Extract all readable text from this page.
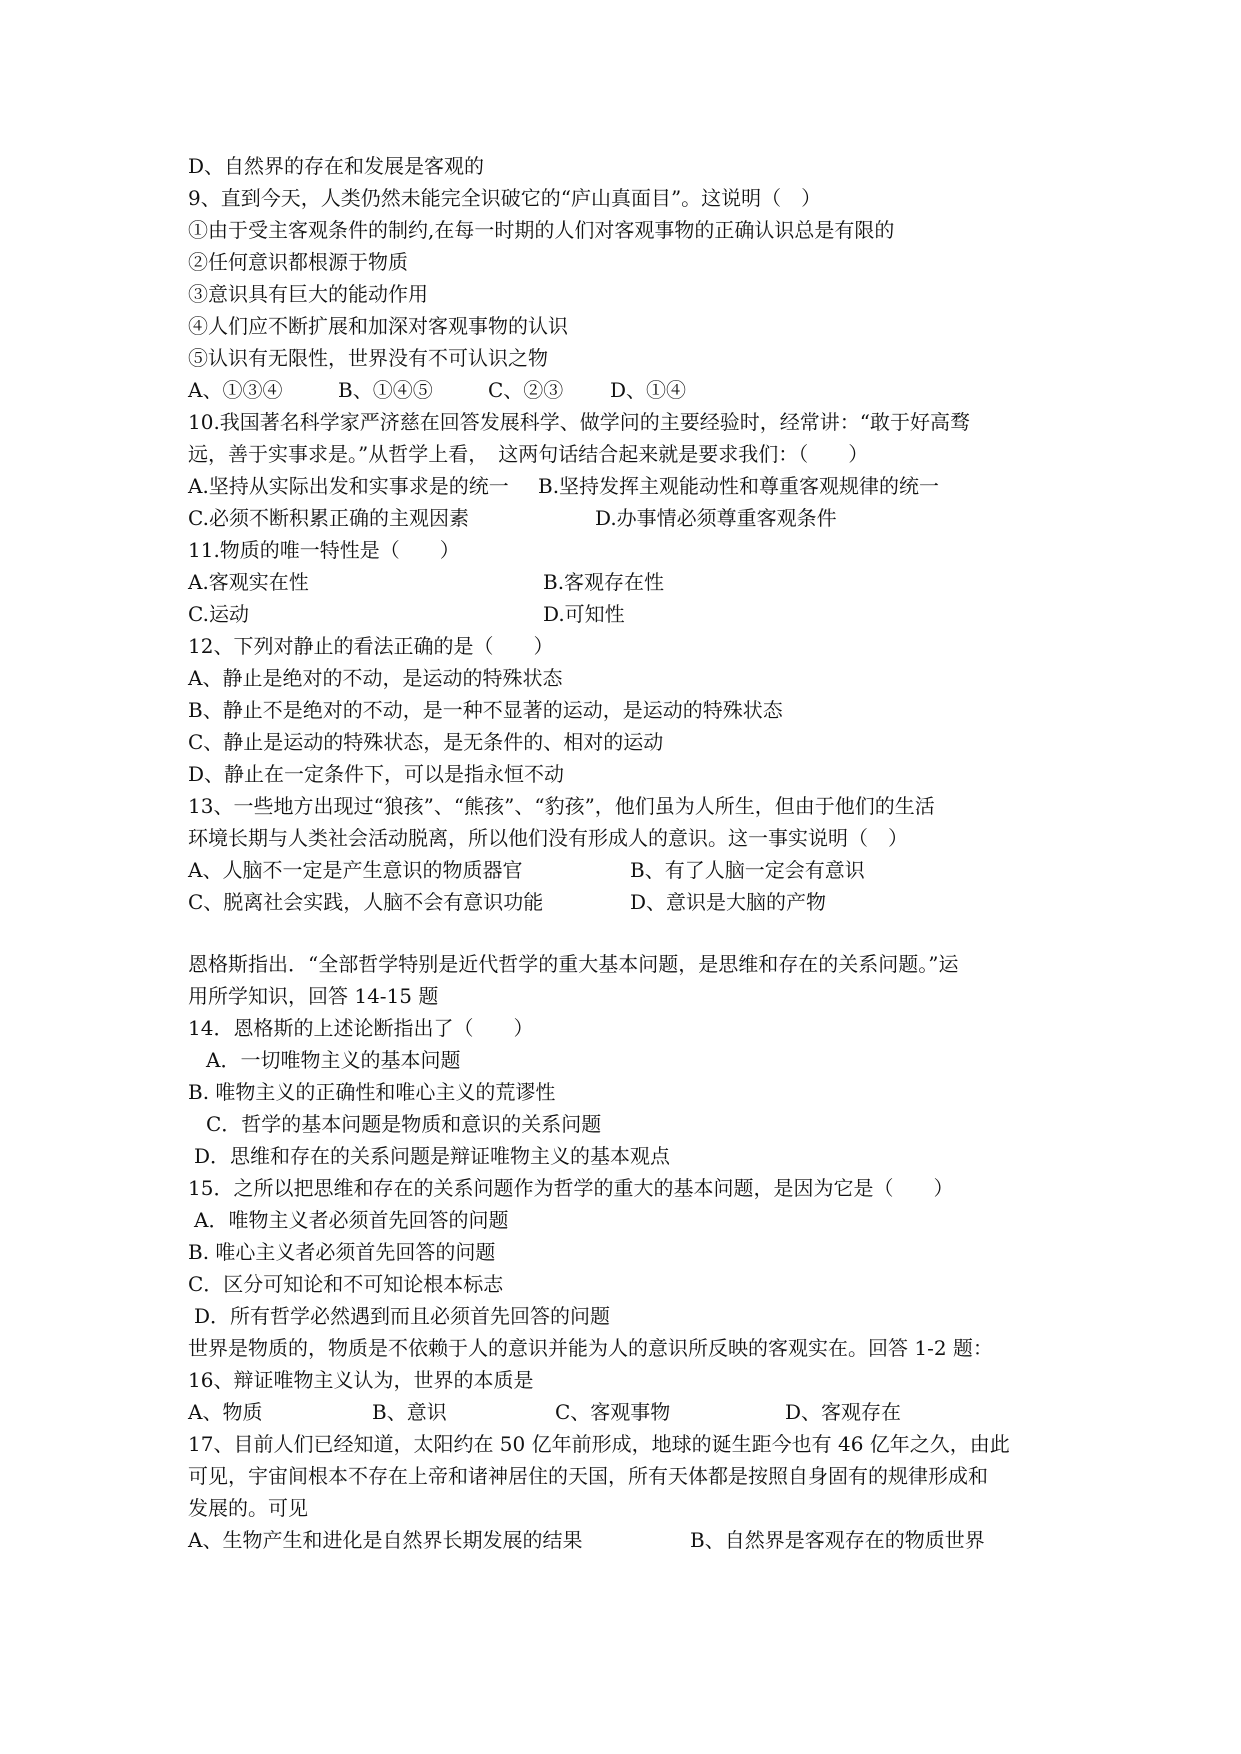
D、自然界的存在和发展是客观的
9、直到今天，人类仍然未能完全识破它的“庐山真面目”。这说明（　）
①由于受主客观条件的制约,在每一时期的人们对客观事物的正确认识总是有限的
②任何意识都根源于物质
③意识具有巨大的能动作用
④人们应不断扩展和加深对客观事物的认识
⑤认识有无限性，世界没有不可认识之物
A、①③④	B、①④⑤	C、②③ D、①④
10.我国著名科学家严济慈在回答发展科学、做学问的主要经验时，经常讲：“敢于好高骛
远，善于实事求是。”从哲学上看，　这两句话结合起来就是要求我们：（　　）
A.坚持从实际出发和实事求是的统一 B.坚持发挥主观能动性和尊重客观规律的统一
C.必须不断积累正确的主观因素	D.办事情必须尊重客观条件
11.物质的唯一特性是（　　）
A.客观实在性	B.客观存在性
C.运动	D.可知性
12、下列对静止的看法正确的是（　　）
A、静止是绝对的不动，是运动的特殊状态
B、静止不是绝对的不动，是一种不显著的运动，是运动的特殊状态
C、静止是运动的特殊状态，是无条件的、相对的运动
D、静止在一定条件下，可以是指永恒不动
13、一些地方出现过“狼孩”、“熊孩”、“豹孩”，他们虽为人所生，但由于他们的生活
环境长期与人类社会活动脱离，所以他们没有形成人的意识。这一事实说明（　）
A、人脑不一定是产生意识的物质器官	B、有了人脑一定会有意识
C、脱离社会实践，人脑不会有意识功能	D、意识是大脑的产物
恩格斯指出．“全部哲学特别是近代哲学的重大基本问题，是思维和存在的关系问题。”运
用所学知识，回答 14-15 题
14．恩格斯的上述论断指出了（　　）
A．一切唯物主义的基本问题
B. 唯物主义的正确性和唯心主义的荒谬性
C．哲学的基本问题是物质和意识的关系问题
D．思维和存在的关系问题是辩证唯物主义的基本观点
15．之所以把思维和存在的关系问题作为哲学的重大的基本问题，是因为它是（　　）
A．唯物主义者必须首先回答的问题
B. 唯心主义者必须首先回答的问题
C．区分可知论和不可知论根本标志
D．所有哲学必然遇到而且必须首先回答的问题
世界是物质的，物质是不依赖于人的意识并能为人的意识所反映的客观实在。回答 1-2 题：
16、辩证唯物主义认为，世界的本质是
A、物质	B、意识	C、客观事物	D、客观存在
17、目前人们已经知道，太阳约在 50 亿年前形成，地球的诞生距今也有 46 亿年之久，由此
可见，宇宙间根本不存在上帝和诸神居住的天国，所有天体都是按照自身固有的规律形成和
发展的。可见
A、生物产生和进化是自然界长期发展的结果	B、自然界是客观存在的物质世界
